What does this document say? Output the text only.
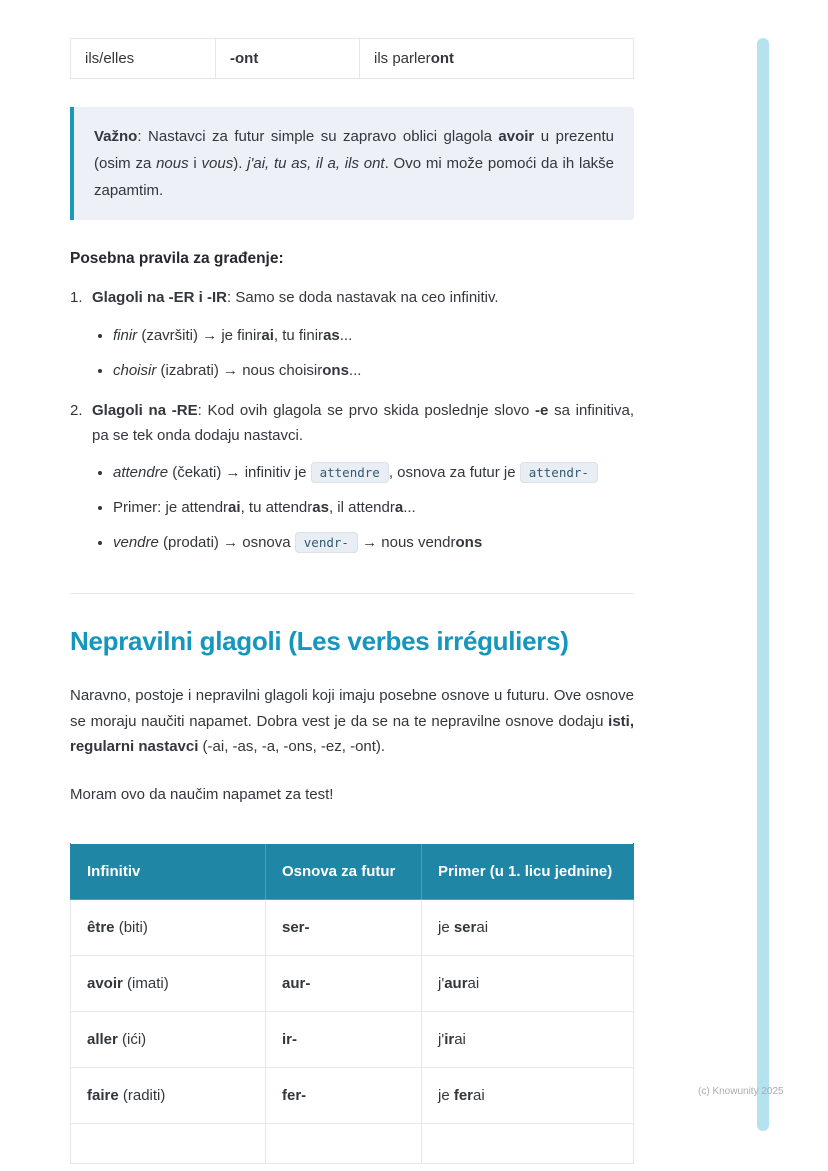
ils/elles	-ont	ils parleront

Važno: Nastavci za futur simple su zapravo oblici glagola avoir u prezentu (osim za nous i vous). j'ai, tu as, il a, ils ont. Ovo mi može pomoći da ih lakše zapamtim.

Posebna pravila za građenje:

1. Glagoli na -ER i -IR: Samo se doda nastavak na ceo infinitiv.

• finir (završiti) → je finirai, tu finiras...
• choisir (izabrati) → nous choisirons...
2. Glagoli na -RE: Kod ovih glagola se prvo skida poslednje slovo -e sa infinitiva, pa se tek onda dodaju nastavci.

• attendre (čekati) → infinitiv je attendre , osnova za futur je attendr-
• Primer: je attendrai, tu attendras, il attendra...
• vendre (prodati) → osnova vendr- → nous vendrons
Nepravilni glagoli (Les verbes irréguliers)

Naravno, postoje i nepravilni glagoli koji imaju posebne osnove u futuru. Ove osnove se moraju naučiti napamet. Dobra vest je da se na te nepravilne osnove dodaju isti, regularni nastavci (-ai, -as, -a, -ons, -ez, -ont).

Moram ovo da naučim napamet za test!

Infinitiv	Osnova za futur	Primer (u 1. licu jednine)
être (biti)	ser-	je serai
avoir (imati)	aur-	j'aurai
aller (ići)	ir-	j'irai
faire (raditi)	fer-	je ferai
			(c) Knowunity 2025
